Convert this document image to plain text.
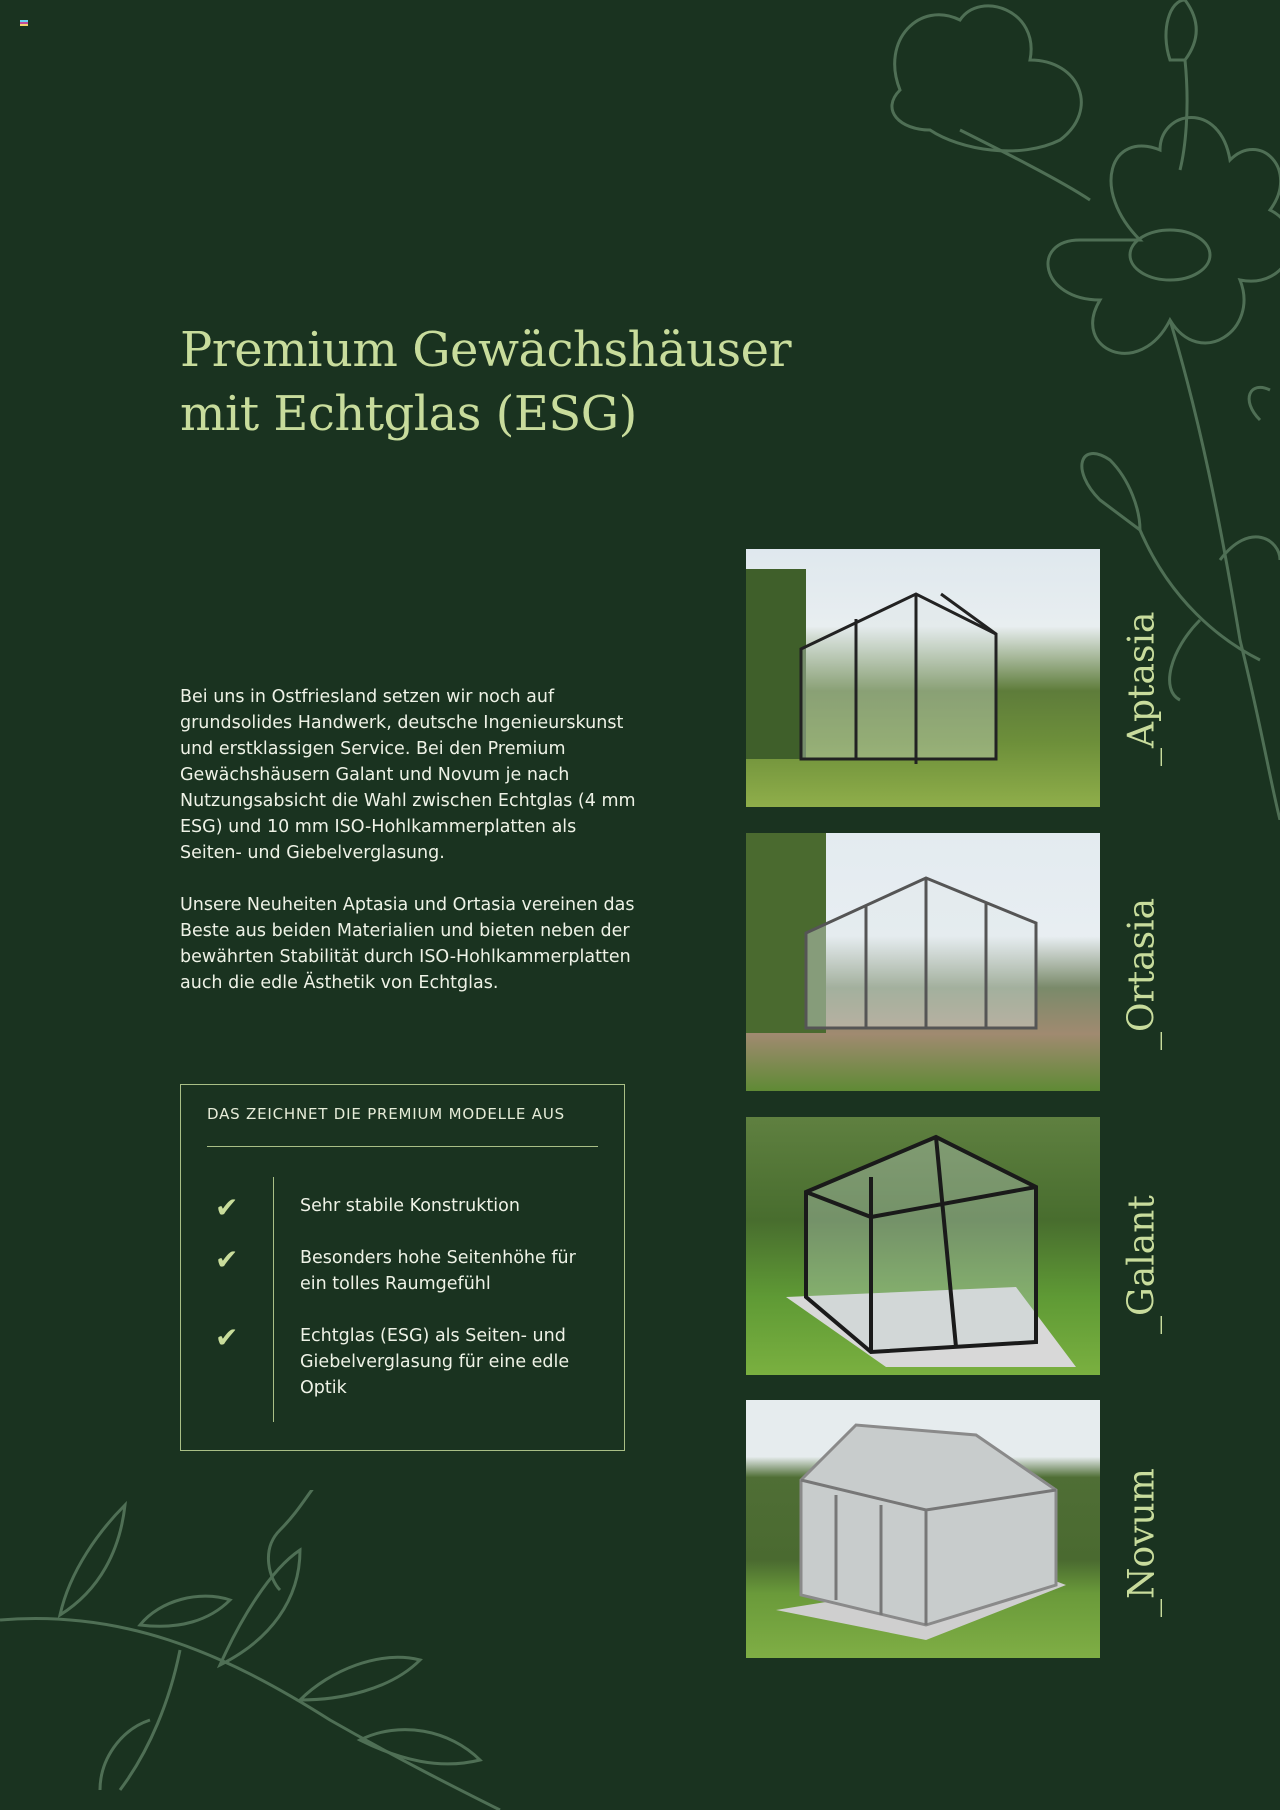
Premium Gewächshäuser
mit Echtglas (ESG)

Bei uns in Ostfriesland setzen wir noch auf grundsolides Handwerk, deutsche Ingenieurskunst und erstklassigen Service. Bei den Premium Gewächshäusern Galant und Novum je nach Nutzungsabsicht die Wahl zwischen Echtglas (4 mm ESG) und 10 mm ISO-Hohlkammerplatten als Seiten- und Giebelverglasung.

Unsere Neuheiten Aptasia und Ortasia vereinen das Beste aus beiden Materialien und bieten neben der bewährten Stabilität durch ISO-Hohlkammerplatten auch die edle Ästhetik von Echtglas.

DAS ZEICHNET DIE PREMIUM MODELLE AUS
✔	Sehr stabile Konstruktion
✔	Besonders hohe Seitenhöhe für ein tolles Raumgefühl
✔	Echtglas (ESG) als Seiten- und Giebelverglasung für eine edle Optik
_Aptasia
_Ortasia
_Galant
_Novum
